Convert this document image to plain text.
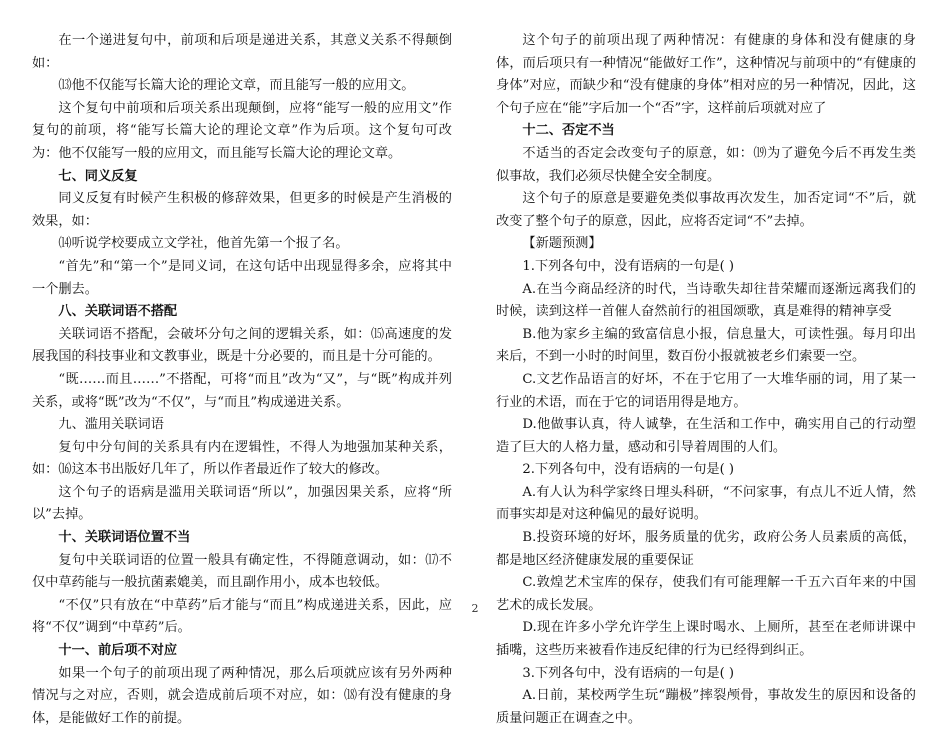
在一个递进复句中，前项和后项是递进关系，其意义关系不得颠倒如：

⒀他不仅能写长篇大论的理论文章，而且能写一般的应用文。

这个复句中前项和后项关系出现颠倒，应将“能写一般的应用文”作复句的前项，将“能写长篇大论的理论文章”作为后项。这个复句可改为：他不仅能写一般的应用文，而且能写长篇大论的理论文章。

七、同义反复

同义反复有时候产生积极的修辞效果，但更多的时候是产生消极的效果，如：

⒁听说学校要成立文学社，他首先第一个报了名。

“首先”和“第一个”是同义词，在这句话中出现显得多余，应将其中一个删去。

八、关联词语不搭配

关联词语不搭配，会破坏分句之间的逻辑关系，如：⒂高速度的发展我国的科技事业和文教事业，既是十分必要的，而且是十分可能的。

“既……而且……”不搭配，可将“而且”改为“又”，与“既”构成并列关系，或将“既”改为“不仅”，与“而且”构成递进关系。

九、滥用关联词语

复句中分句间的关系具有内在逻辑性，不得人为地强加某种关系，如：⒃这本书出版好几年了，所以作者最近作了较大的修改。

这个句子的语病是滥用关联词语“所以”，加强因果关系，应将“所以”去掉。

十、关联词语位置不当

复句中关联词语的位置一般具有确定性，不得随意调动，如：⒄不仅中草药能与一般抗菌素媲美，而且副作用小，成本也较低。

“不仅”只有放在“中草药”后才能与“而且”构成递进关系，因此，应将“不仅”调到“中草药”后。

十一、前后项不对应

如果一个句子的前项出现了两种情况，那么后项就应该有另外两种情况与之对应，否则，就会造成前后项不对应，如：⒅有没有健康的身体，是能做好工作的前提。

这个句子的前项出现了两种情况：有健康的身体和没有健康的身体，而后项只有一种情况“能做好工作”，这种情况与前项中的“有健康的身体”对应，而缺少和“没有健康的身体”相对应的另一种情况，因此，这个句子应在“能”字后加一个“否”字，这样前后项就对应了

十二、否定不当

不适当的否定会改变句子的原意，如：⒆为了避免今后不再发生类似事故，我们必须尽快健全安全制度。

这个句子的原意是要避免类似事故再次发生，加否定词“不”后，就改变了整个句子的原意，因此，应将否定词“不”去掉。

【新题预测】

1.下列各句中，没有语病的一句是( )

A.在当今商品经济的时代，当诗歌失却往昔荣耀而逐渐远离我们的时候，读到这样一首催人奋然前行的祖国颂歌，真是难得的精神享受

B.他为家乡主编的致富信息小报，信息量大，可读性强。每月印出来后，不到一小时的时间里，数百份小报就被老乡们索要一空。

C.文艺作品语言的好坏，不在于它用了一大堆华丽的词，用了某一行业的术语，而在于它的词语用得是地方。

D.他做事认真，待人诚挚，在生活和工作中，确实用自己的行动塑造了巨大的人格力量，感动和引导着周围的人们。

2.下列各句中，没有语病的一句是( )

A.有人认为科学家终日埋头科研，“不问家事，有点儿不近人情，然而事实却是对这种偏见的最好说明。

B.投资环境的好坏，服务质量的优劣，政府公务人员素质的高低，都是地区经济健康发展的重要保证

C.敦煌艺术宝库的保存，使我们有可能理解一千五六百年来的中国艺术的成长发展。

D.现在许多小学允许学生上课时喝水、上厕所，甚至在老师讲课中插嘴，这些历来被看作违反纪律的行为已经得到纠正。

3.下列各句中，没有语病的一句是( )

A.日前，某校两学生玩“蹦极”摔裂颅骨，事故发生的原因和设备的质量问题正在调查之中。

2
